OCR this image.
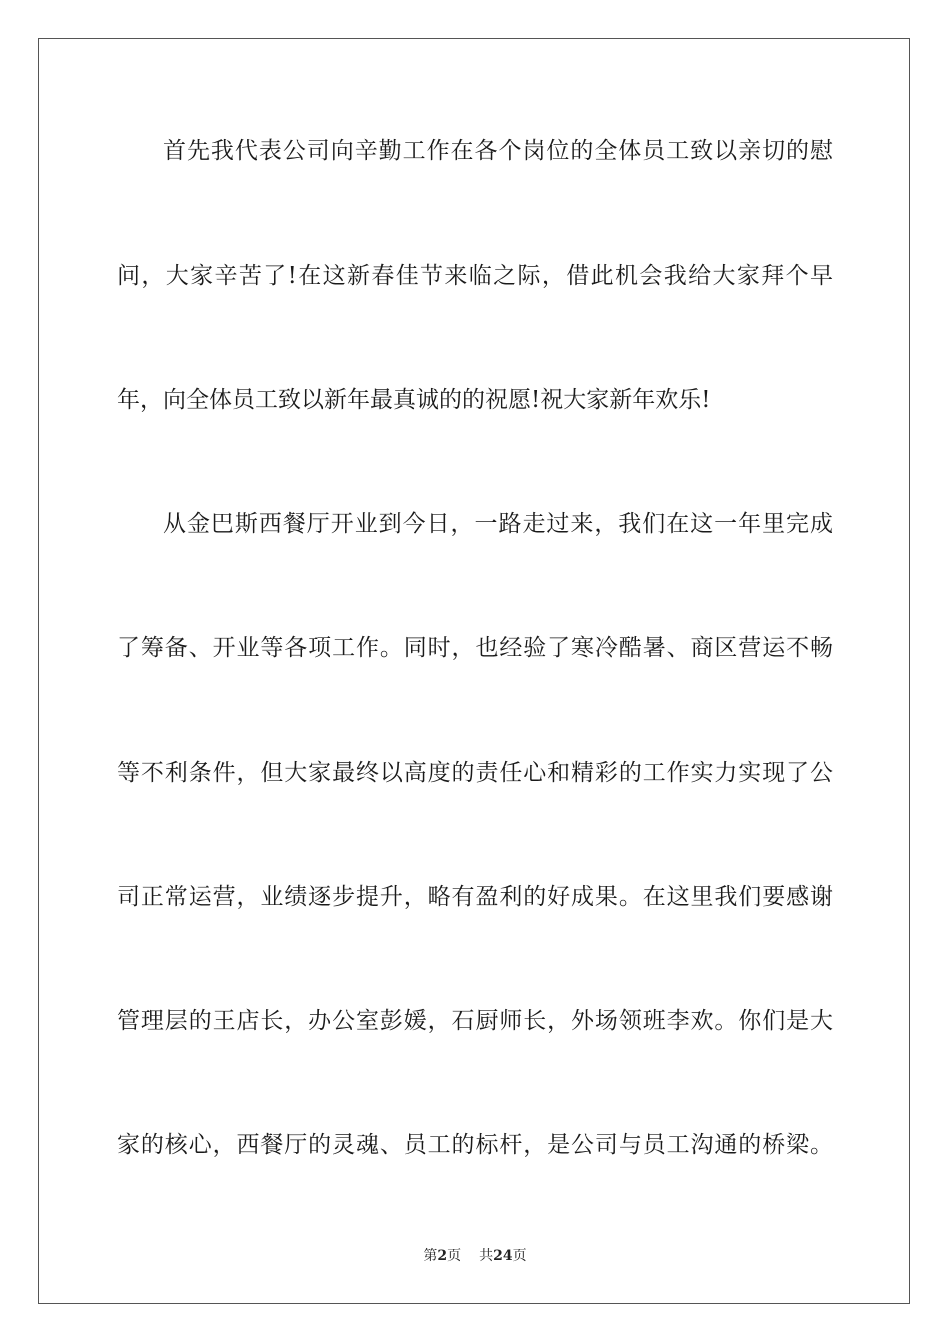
首先我代表公司向辛勤工作在各个岗位的全体员工致以亲切的慰
问，大家辛苦了!在这新春佳节来临之际，借此机会我给大家拜个早
年，向全体员工致以新年最真诚的的祝愿!祝大家新年欢乐!
从金巴斯西餐厅开业到今日，一路走过来，我们在这一年里完成
了筹备、开业等各项工作。同时，也经验了寒冷酷暑、商区营运不畅
等不利条件，但大家最终以高度的责任心和精彩的工作实力实现了公
司正常运营，业绩逐步提升，略有盈利的好成果。在这里我们要感谢
管理层的王店长，办公室彭媛，石厨师长，外场领班李欢。你们是大
家的核心，西餐厅的灵魂、员工的标杆，是公司与员工沟通的桥梁。
第2页 共24页
